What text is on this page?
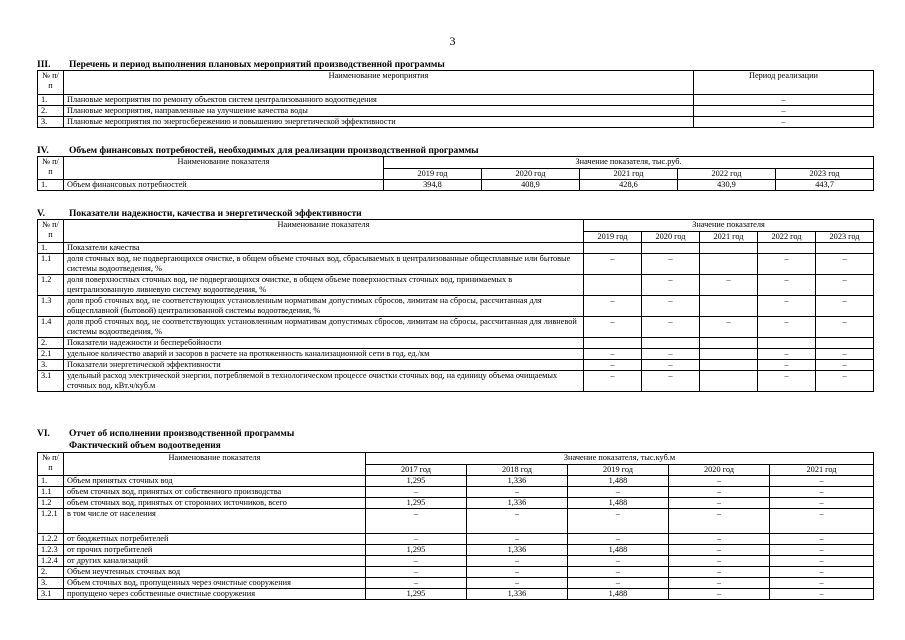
3
III. Перечень и период выполнения плановых мероприятий производственной программы
№ п/п	Наименование мероприятия	Период реализации
1.	Плановые мероприятия по ремонту объектов систем централизованного водоотведения	–
2.	Плановые мероприятия, направленные на улучшение качества воды	–
3.	Плановые мероприятия по энергосбережению и повышению энергетической эффективности	–
IV. Объем финансовых потребностей, необходимых для реализации производственной программы
№ п/п	Наименование показателя	Значение показателя, тыс.руб.				
		2019 год	2020 год	2021 год	2022 год	2023 год
1.	Объем финансовых потребностей	394,8	408,9	428,6	430,9	443,7
V.	Показатели надежности, качества и энергетической эффективности
№ п/п	Наименование показателя	Значение показателя				
		2019 год	2020 год	2021 год	2022 год	2023 год
1.	Показатели качества					
1.1	доля сточных вод, не подвергающихся очистке, в общем объеме сточных вод, сбрасываемых в централизованные общесплавные или бытовые системы водоотведения, %	–	–		–	–
1.2	доля поверхностных сточных вод, не подвергающихся очистке, в общем объеме поверхностных сточных вод, принимаемых в централизованную ливневую систему водоотведения, %		–	–	–	–
1.3	доля проб сточных вод, не соответствующих установленным нормативам допустимых сбросов, лимитам на сбросы, рассчитанная для общесплавной (бытовой) централизованной системы водоотведения, %	–	–		–	–
1.4	доля проб сточных вод, не соответствующих установленным нормативам допустимых сбросов, лимитам на сбросы, рассчитанная для ливневой системы водоотведения, %	–	–	–	–	–
2.	Показатели надежности и бесперебойности					
2.1	удельное количество аварий и засоров в расчете на протяженность канализационной сети в год, ед./км	–	–		–	–
3.	Показатели энергетической эффективности	–	–		–	–
3.1	удельный расход электрической энергии, потребляемой в технологическом процессе очистки сточных вод, на единицу объема очищаемых сточных вод, кВт.ч/куб.м	–	–		–	–
VI. Отчет об исполнении производственной программы
Фактический объем водоотведения
№ п/п	Наименование показателя	Значение показателя, тыс.куб.м				
		2017 год	2018 год	2019 год	2020 год	2021 год
1.	Объем принятых сточных вод	1,295	1,336	1,488	–	–
1.1	объем сточных вод, принятых от собственного производства	–	–	–	–	–
1.2	объем сточных вод, принятых от сторонних источников, всего	1,295	1,336	1,488	–	–
1.2.1	в том числе от населения	–	–	–	–	–
1.2.2	от бюджетных потребителей	–	–	–	–	–
1.2.3	от прочих потребителей	1,295	1,336	1,488	–	–
1.2.4	от других канализаций	–	–	–	–	–
2.	Объем неучтенных сточных вод	–	–	–	–	–
3.	Объем сточных вод, пропущенных через очистные сооружения	–	–	–	–	–
3.1	пропущено через собственные очистные сооружения	1,295	1,336	1,488	–	–
